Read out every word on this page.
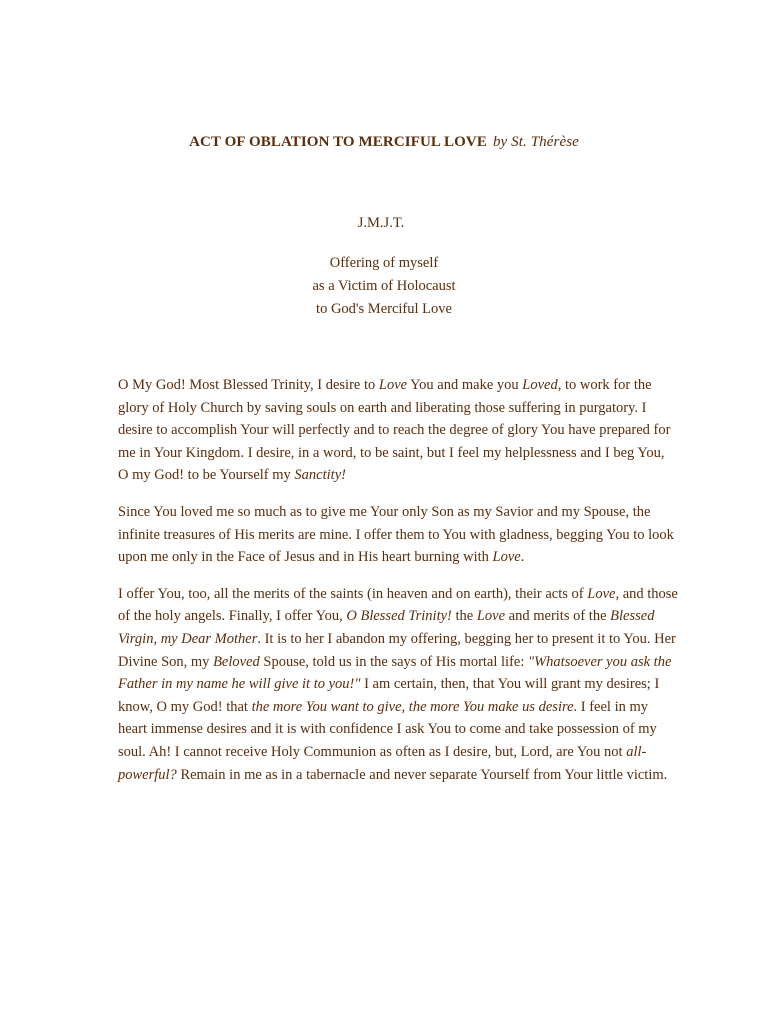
ACT OF OBLATION TO MERCIFUL LOVE by St. Thérèse
J.M.J.T.
Offering of myself
as a Victim of Holocaust
to God's Merciful Love

O My God! Most Blessed Trinity, I desire to Love You and make you Loved, to work for the glory of Holy Church by saving souls on earth and liberating those suffering in purgatory. I desire to accomplish Your will perfectly and to reach the degree of glory You have prepared for me in Your Kingdom. I desire, in a word, to be saint, but I feel my helplessness and I beg You, O my God! to be Yourself my Sanctity!

Since You loved me so much as to give me Your only Son as my Savior and my Spouse, the infinite treasures of His merits are mine. I offer them to You with gladness, begging You to look upon me only in the Face of Jesus and in His heart burning with Love.

I offer You, too, all the merits of the saints (in heaven and on earth), their acts of Love, and those of the holy angels. Finally, I offer You, O Blessed Trinity! the Love and merits of the Blessed Virgin, my Dear Mother. It is to her I abandon my offering, begging her to present it to You. Her Divine Son, my Beloved Spouse, told us in the says of His mortal life: "Whatsoever you ask the Father in my name he will give it to you!" I am certain, then, that You will grant my desires; I know, O my God! that the more You want to give, the more You make us desire. I feel in my heart immense desires and it is with confidence I ask You to come and take possession of my soul. Ah! I cannot receive Holy Communion as often as I desire, but, Lord, are You not all-powerful? Remain in me as in a tabernacle and never separate Yourself from Your little victim.
